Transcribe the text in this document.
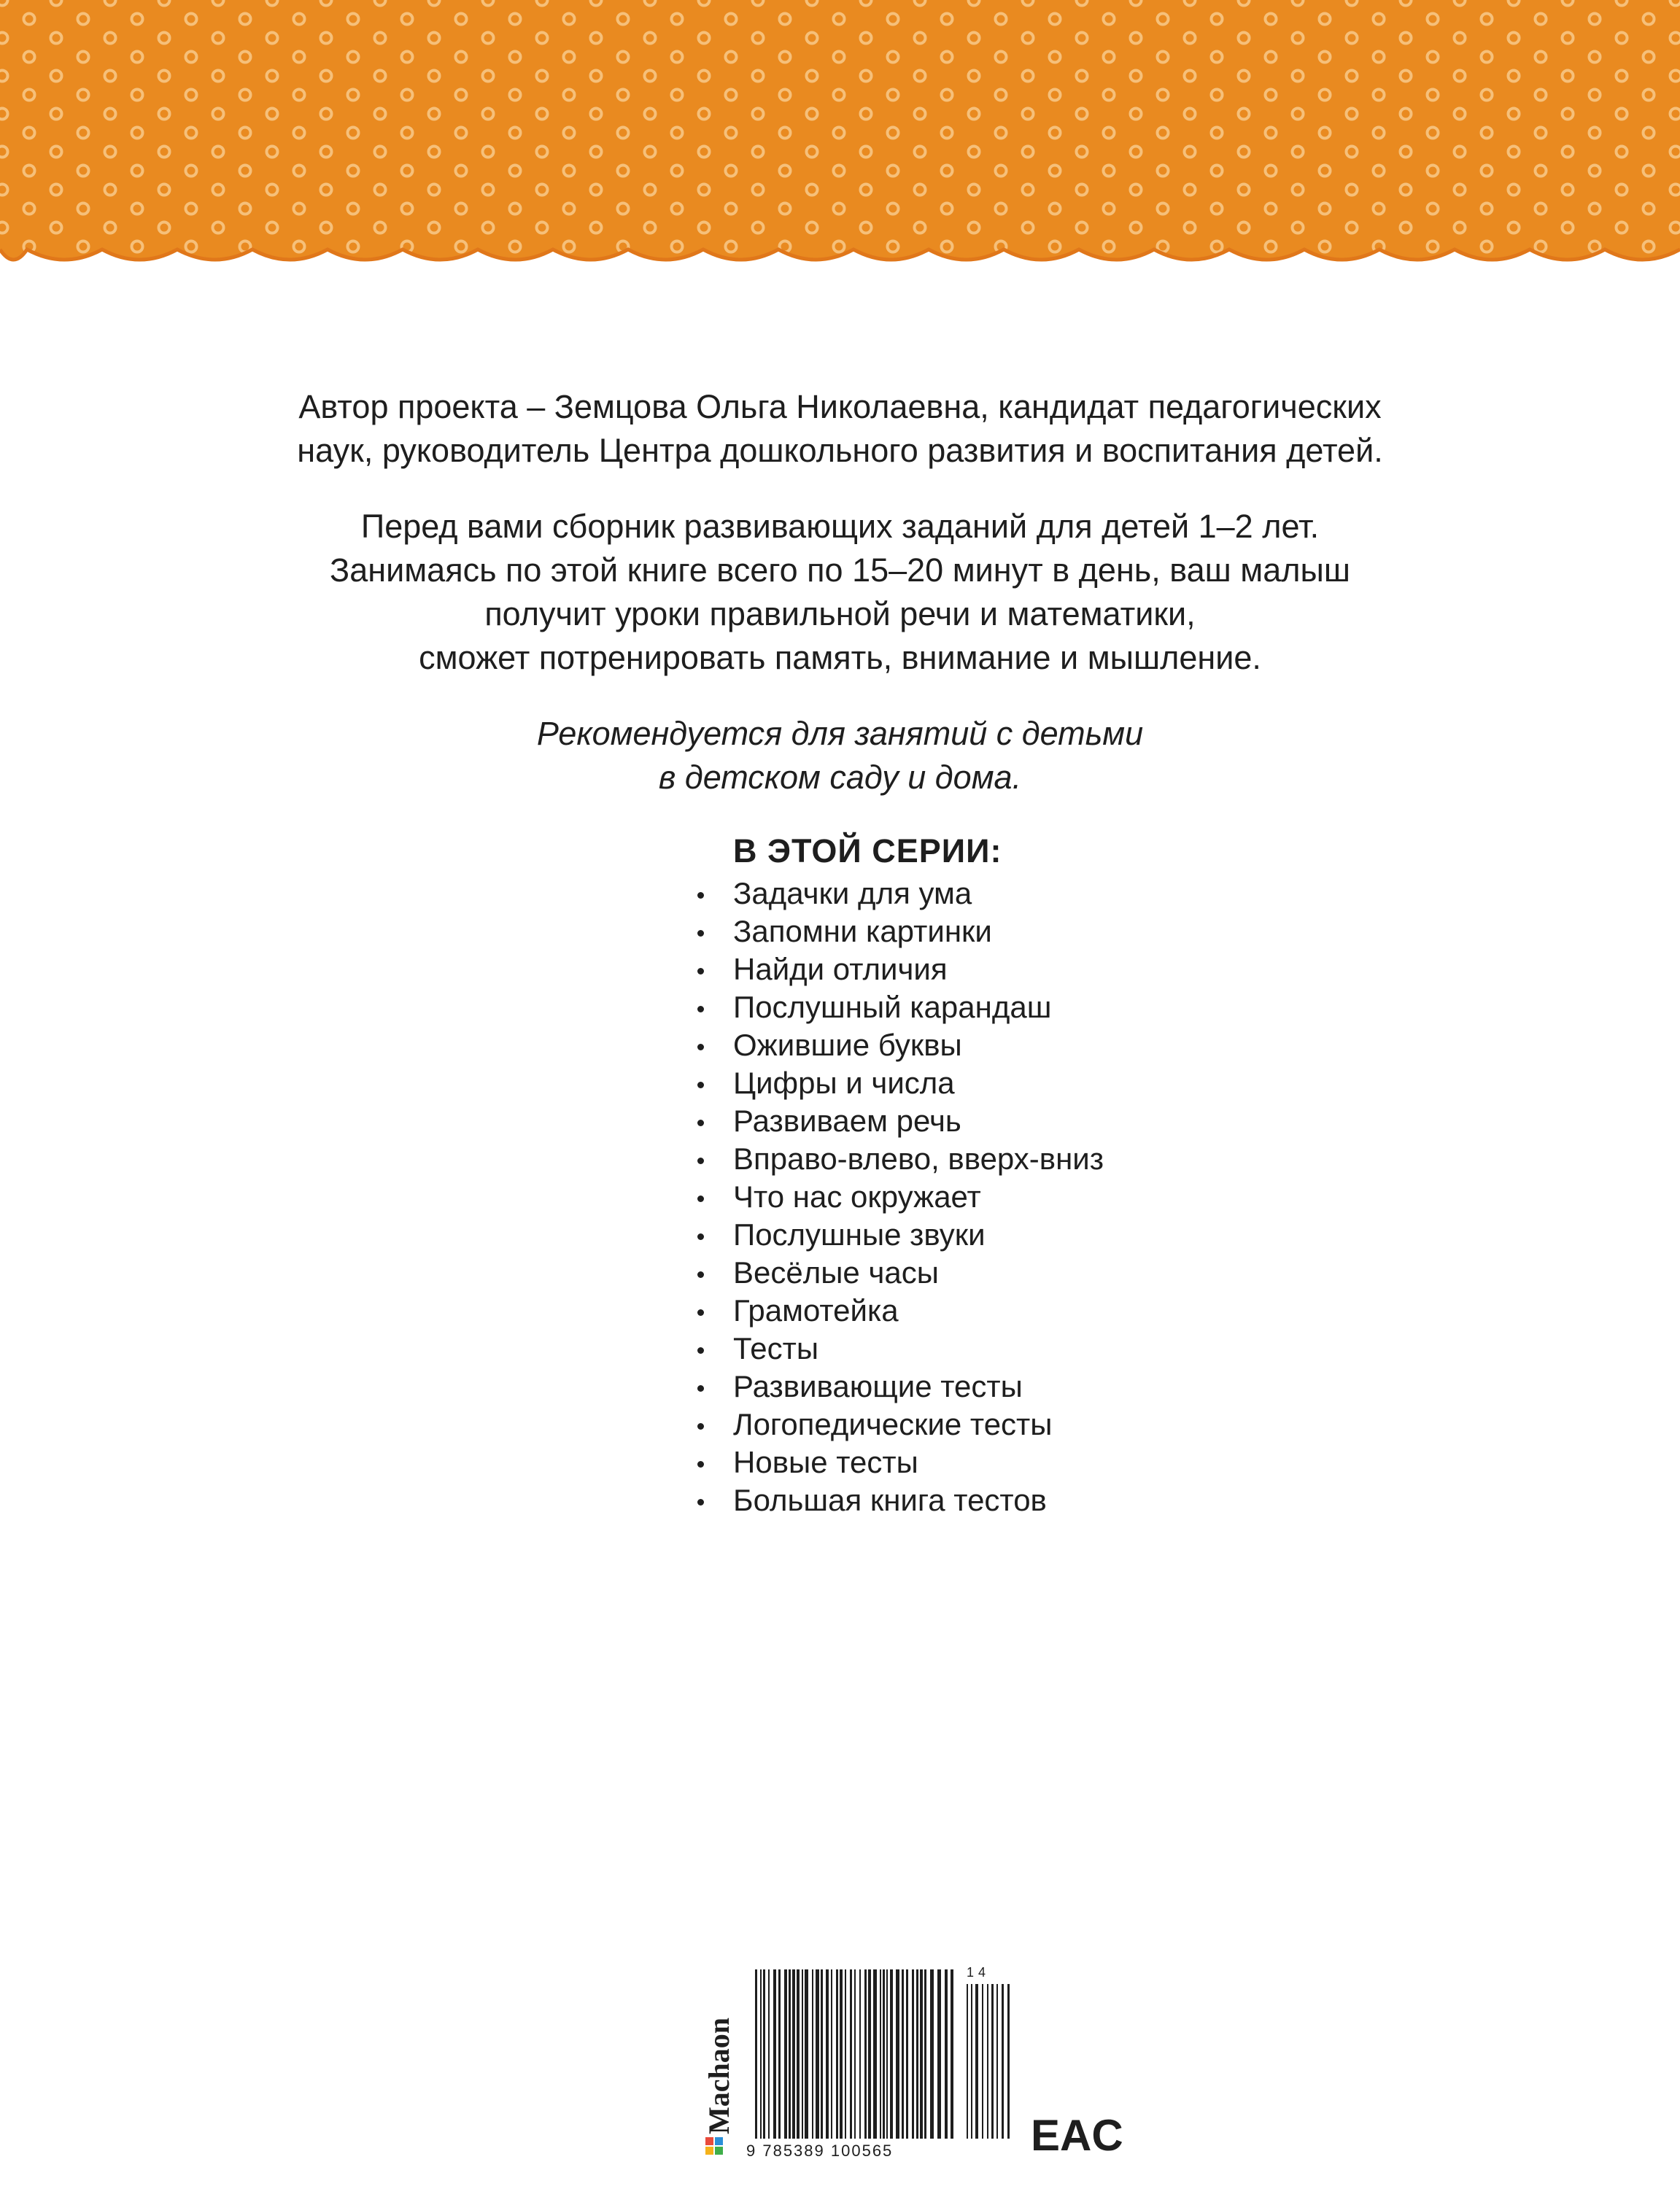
Автор проекта – Земцова Ольга Николаевна, кандидат педагогических
наук, руководитель Центра дошкольного развития и воспитания детей.
Перед вами сборник развивающих заданий для детей 1–2 лет.
Занимаясь по этой книге всего по 15–20 минут в день, ваш малыш
получит уроки правильной речи и математики,
сможет потренировать память, внимание и мышление.
Рекомендуется для занятий с детьми
в детском саду и дома.
В ЭТОЙ СЕРИИ:
Задачки для ума
Запомни картинки
Найди отличия
Послушный карандаш
Ожившие буквы
Цифры и числа
Развиваем речь
Вправо-влево, вверх-вниз
Что нас окружает
Послушные звуки
Весёлые часы
Грамотейка
Тесты
Развивающие тесты
Логопедические тесты
Новые тесты
Большая книга тестов
Machaon
14
9 785389 100565	EAC
